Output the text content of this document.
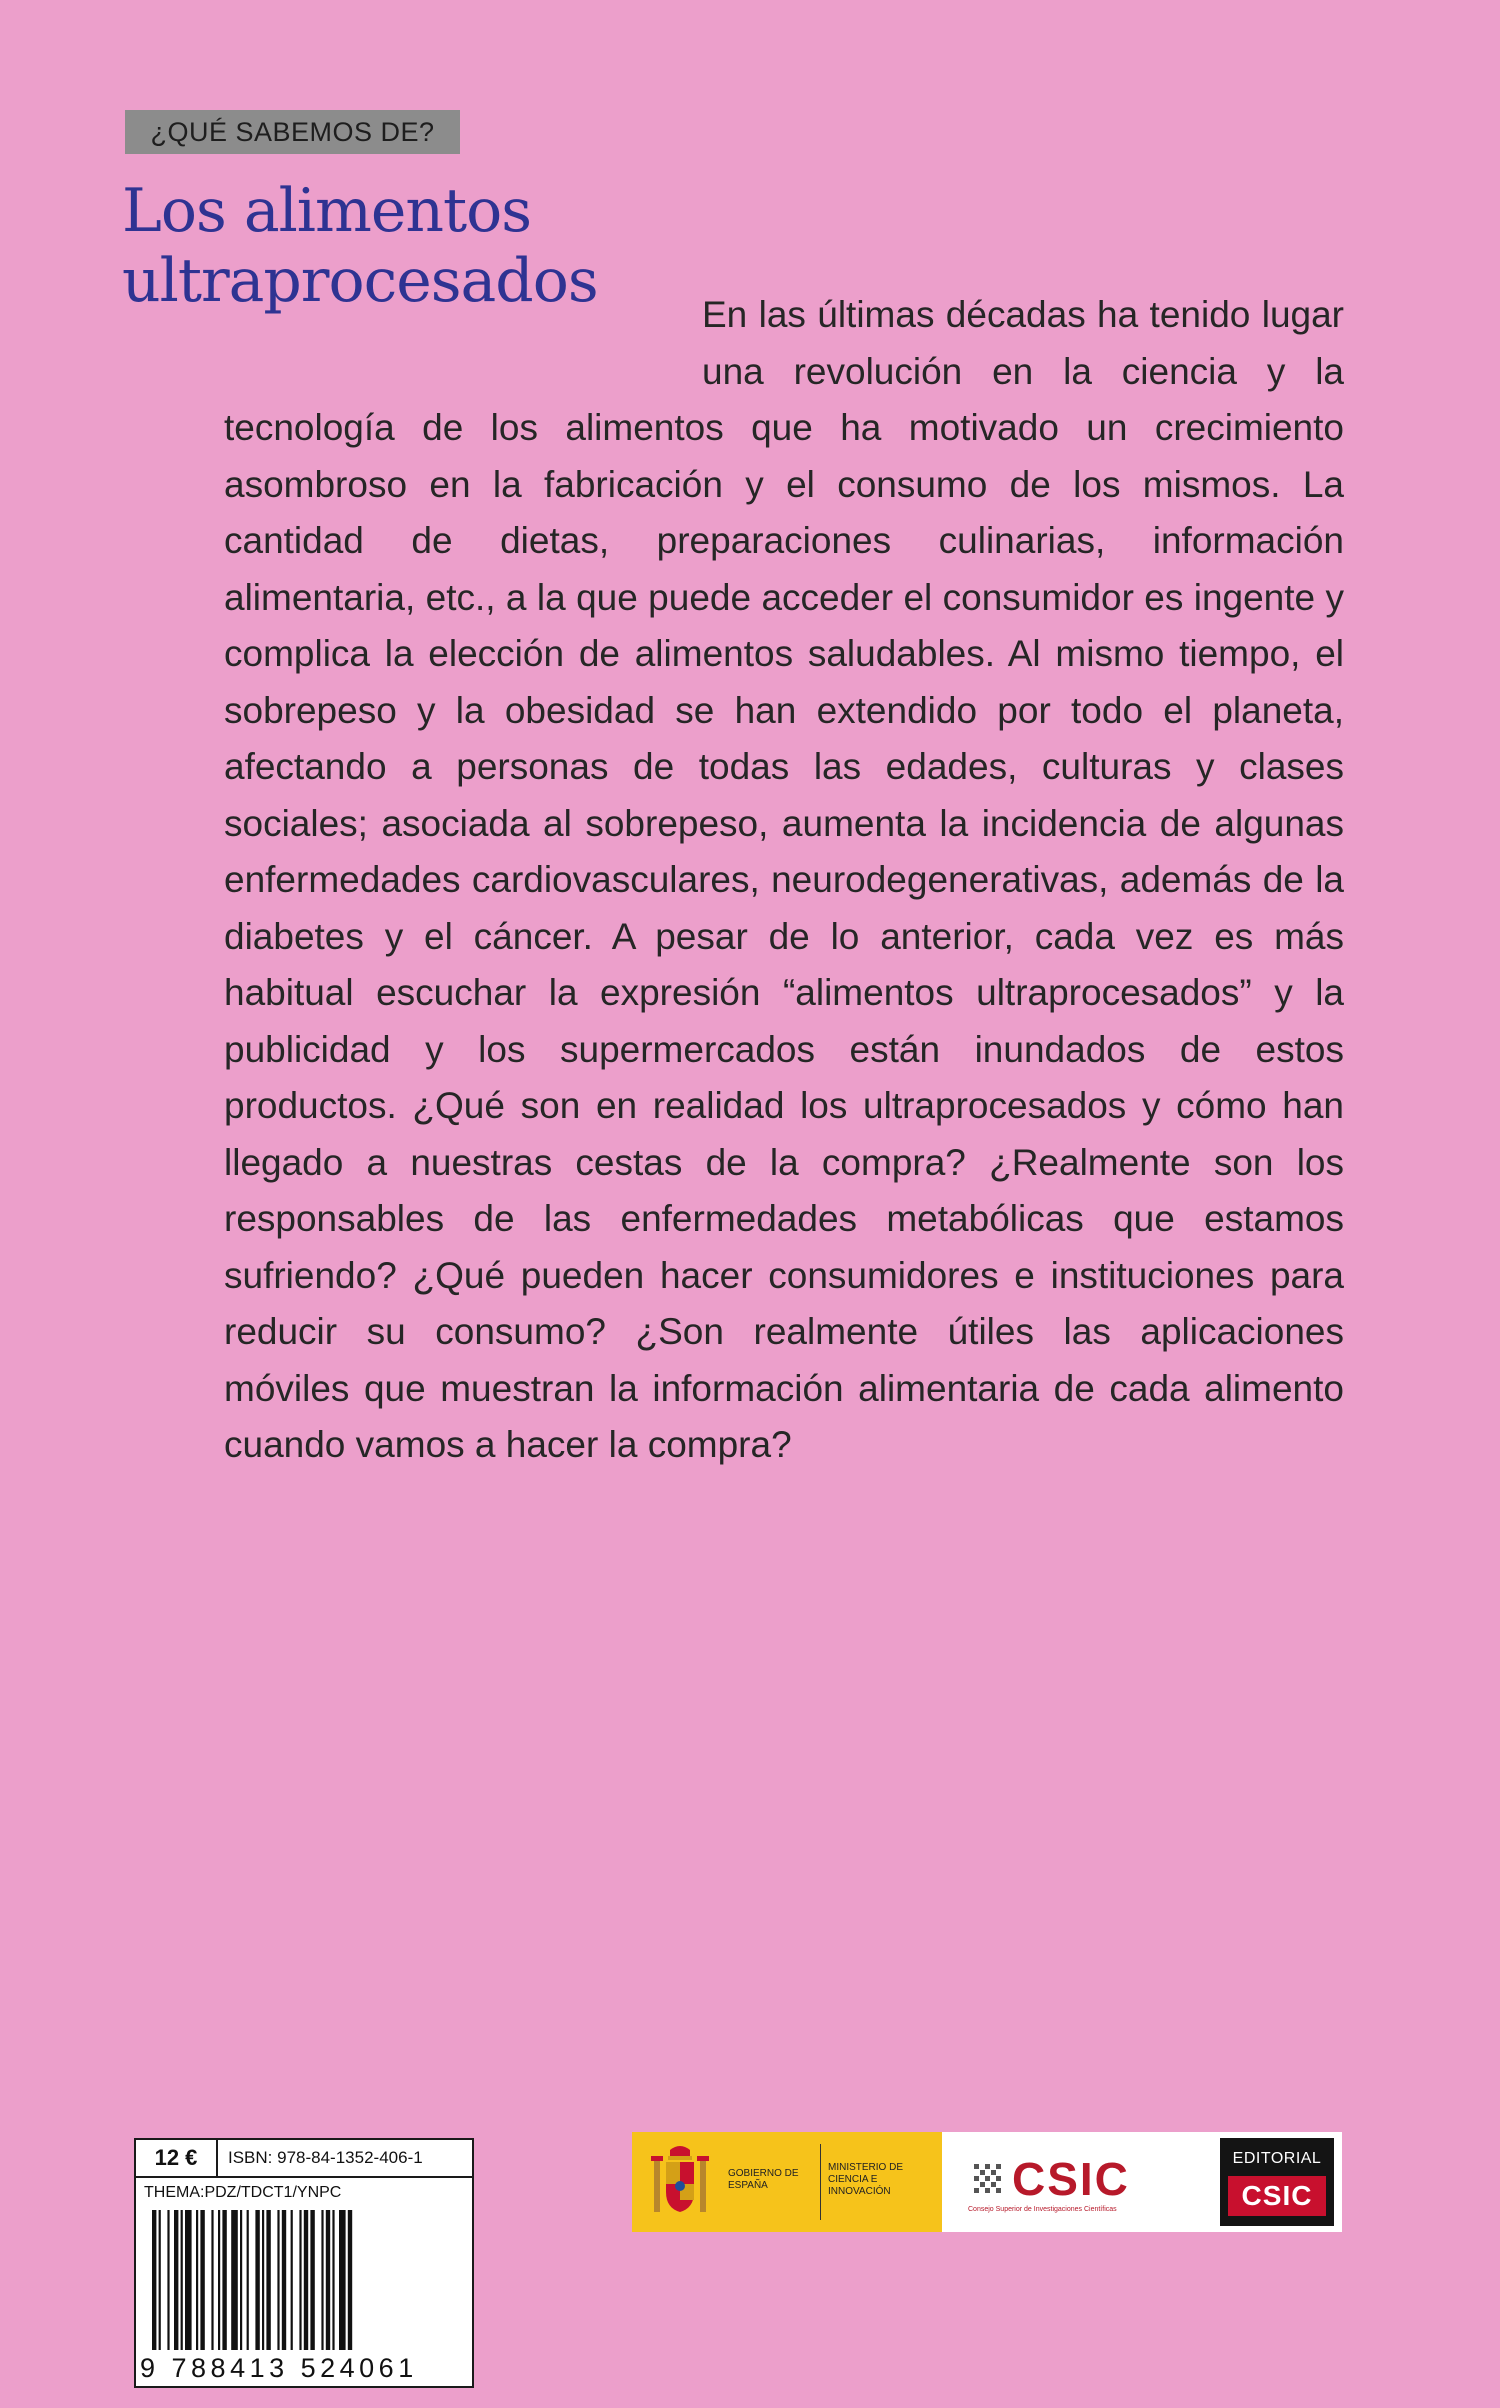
¿QUÉ SABEMOS DE?
Los alimentos
ultraprocesados	En las últimas décadas ha tenido lugar una revolución en la ciencia y la tecnología de los alimentos que ha motivado un crecimiento asombroso en la fabricación y el consumo de los mismos. La cantidad de dietas, preparaciones culinarias, información alimentaria, etc., a la que puede acceder el consumidor es ingente y complica la elección de alimentos saludables. Al mismo tiempo, el sobrepeso y la obesidad se han extendido por todo el planeta, afectando a personas de todas las edades, culturas y clases sociales; asociada al sobrepeso, aumenta la incidencia de algunas enfermedades cardiovasculares, neurodegenerativas, además de la diabetes y el cáncer. A pesar de lo anterior, cada vez es más habitual escuchar la expresión “alimentos ultraprocesados” y la publicidad y los supermercados están inundados de estos productos. ¿Qué son en realidad los ultraprocesados y cómo han llegado a nuestras cestas de la compra? ¿Realmente son los responsables de las enfermedades metabólicas que estamos sufriendo? ¿Qué pueden hacer consumidores e instituciones para reducir su consumo? ¿Son realmente útiles las aplicaciones móviles que muestran la información alimentaria de cada alimento cuando vamos a hacer la compra?
12 €	ISBN: 978-84-1352-406-1
THEMA:PDZ/TDCT1/YNPC
9 788413 524061
GOBIERNO DE ESPAÑA
MINISTERIO DE CIENCIA E INNOVACIÓN	CSIC
Consejo Superior de Investigaciones Científicas
EDITORIAL
CSIC
